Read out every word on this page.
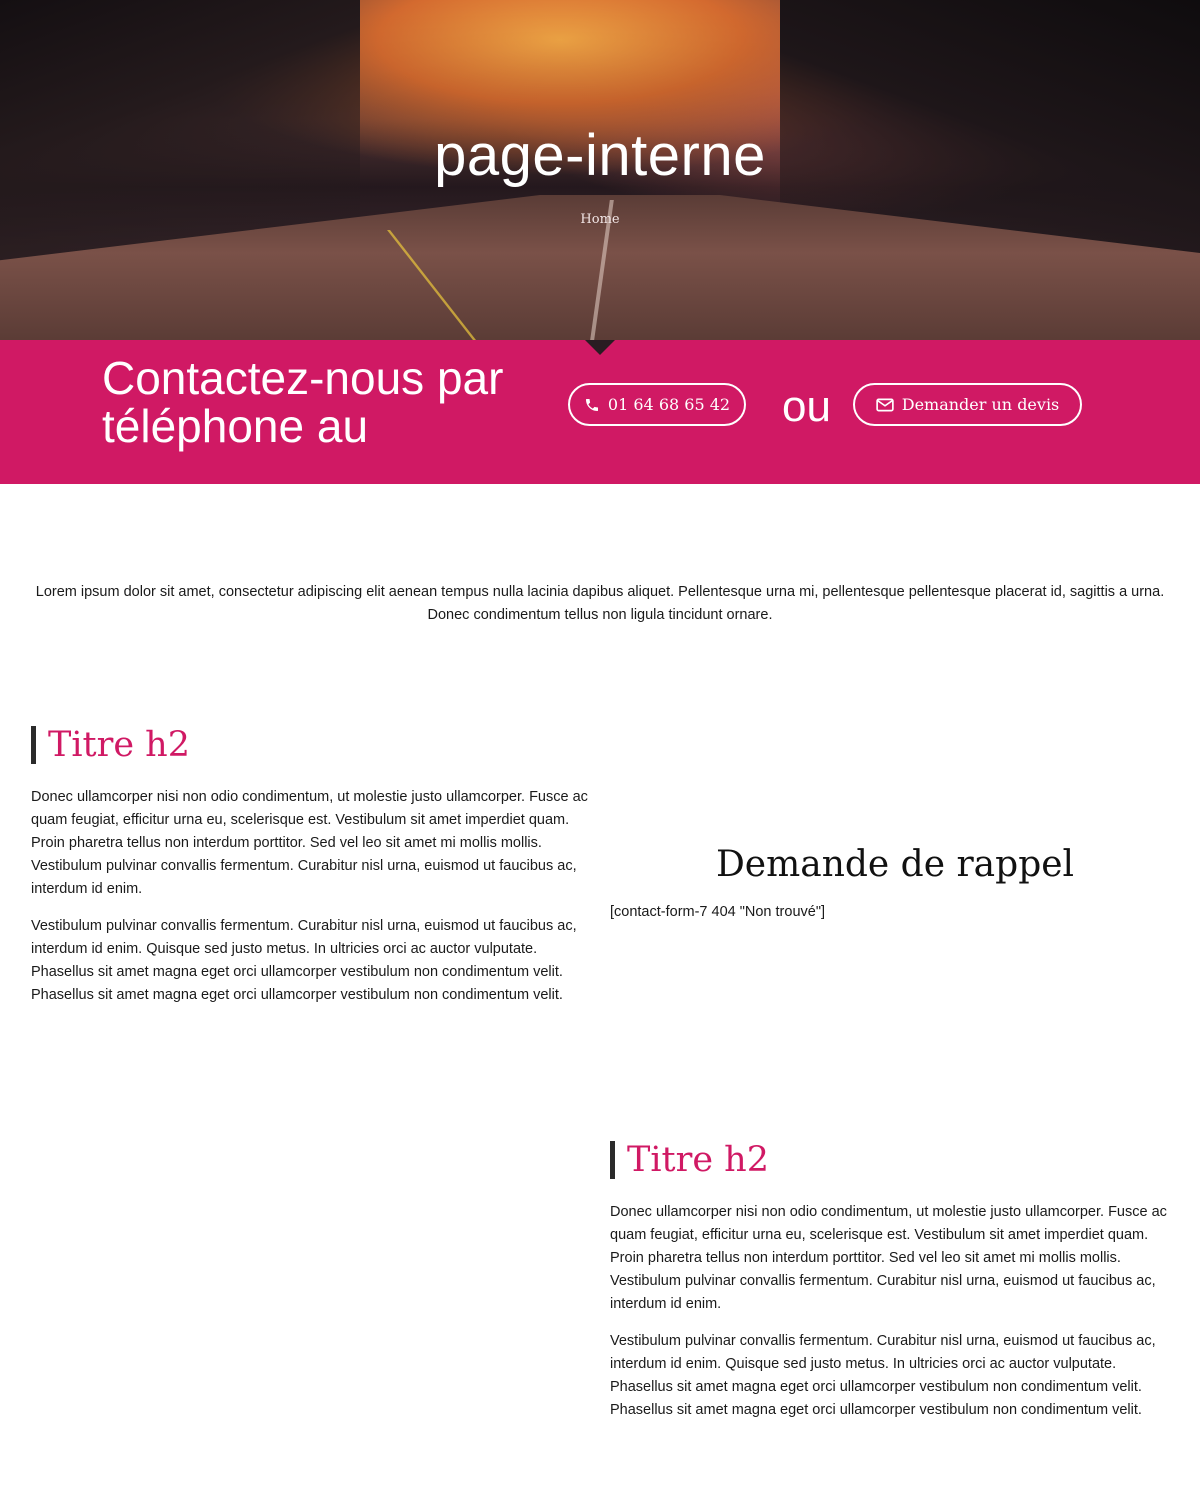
page-interne
Home
Contactez-nous par téléphone au	01 64 68 65 42 ou	Demander un devis

Lorem ipsum dolor sit amet, consectetur adipiscing elit aenean tempus nulla lacinia dapibus aliquet. Pellentesque urna mi, pellentesque pellentesque placerat id, sagittis a urna. Donec condimentum tellus non ligula tincidunt ornare.

Titre h2

Donec ullamcorper nisi non odio condimentum, ut molestie justo ullamcorper. Fusce ac quam feugiat, efficitur urna eu, scelerisque est. Vestibulum sit amet imperdiet quam. Proin pharetra tellus non interdum porttitor. Sed vel leo sit amet mi mollis mollis. Vestibulum pulvinar convallis fermentum. Curabitur nisl urna, euismod ut faucibus ac, interdum id enim.

Vestibulum pulvinar convallis fermentum. Curabitur nisl urna, euismod ut faucibus ac, interdum id enim. Quisque sed justo metus. In ultricies orci ac auctor vulputate. Phasellus sit amet magna eget orci ullamcorper vestibulum non condimentum velit. Phasellus sit amet magna eget orci ullamcorper vestibulum non condimentum velit.

Demande de rappel
[contact-form-7 404 "Non trouvé"]
Titre h2

Donec ullamcorper nisi non odio condimentum, ut molestie justo ullamcorper. Fusce ac quam feugiat, efficitur urna eu, scelerisque est. Vestibulum sit amet imperdiet quam. Proin pharetra tellus non interdum porttitor. Sed vel leo sit amet mi mollis mollis. Vestibulum pulvinar convallis fermentum. Curabitur nisl urna, euismod ut faucibus ac, interdum id enim.

Vestibulum pulvinar convallis fermentum. Curabitur nisl urna, euismod ut faucibus ac, interdum id enim. Quisque sed justo metus. In ultricies orci ac auctor vulputate. Phasellus sit amet magna eget orci ullamcorper vestibulum non condimentum velit. Phasellus sit amet magna eget orci ullamcorper vestibulum non condimentum velit.
